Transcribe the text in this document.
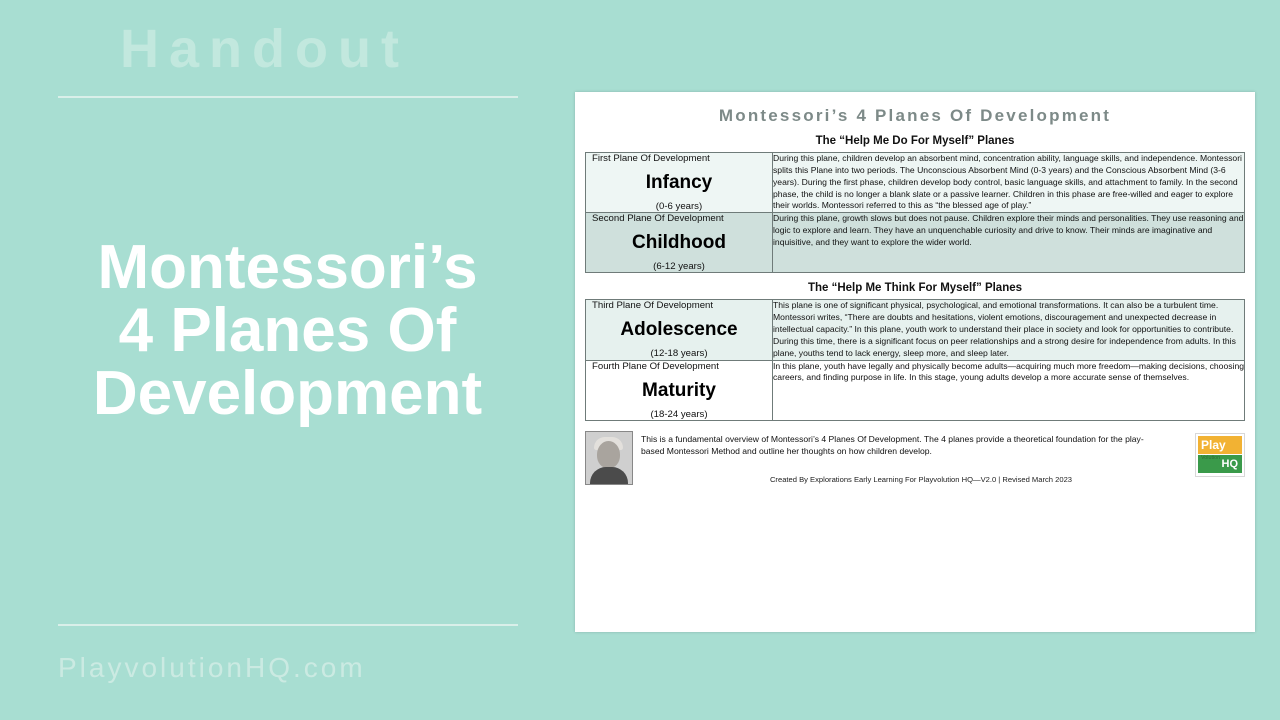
Handout
Montessori’s
4 Planes Of
Development
PlayvolutionHQ.com
Montessori’s 4 Planes Of Development
The “Help Me Do For Myself” Planes
First Plane Of Development
Infancy
(0-6 years)
	During this plane, children develop an absorbent mind, concentration ability, language skills, and independence. Montessori splits this Plane into two periods. The Unconscious Absorbent Mind (0-3 years) and the Conscious Absorbent Mind (3-6 years). During the first phase, children develop body control, basic language skills, and attachment to family. In the second phase, the child is no longer a blank slate or a passive learner. Children in this phase are free-willed and eager to explore their worlds. Montessori referred to this as “the blessed age of play.”

Second Plane Of Development
Childhood
(6-12 years)
	During this plane, growth slows but does not pause. Children explore their minds and personalities. They use reasoning and logic to explore and learn. They have an unquenchable curiosity and drive to know. Their minds are imaginative and inquisitive, and they want to explore the wider world.
The “Help Me Think For Myself” Planes
Third Plane Of Development
Adolescence
(12-18 years)
	This plane is one of significant physical, psychological, and emotional transformations. It can also be a turbulent time. Montessori writes, “There are doubts and hesitations, violent emotions, discouragement and unexpected decrease in intellectual capacity.” In this plane, youth work to understand their place in society and look for opportunities to contribute. During this time, there is a significant focus on peer relationships and a strong desire for independence from adults. In this plane, youths tend to lack energy, sleep more, and sleep later.

Fourth Plane Of Development
Maturity
(18-24 years)
	In this plane, youth have legally and physically become adults—acquiring much more freedom—making decisions, choosing careers, and finding purpose in life. In this stage, young adults develop a more accurate sense of themselves.
This is a fundamental overview of Montessori’s 4 Planes Of Development. The 4 planes provide a theoretical foundation for the play-based Montessori Method and outline her thoughts on how children develop.
Created By Explorations Early Learning For Playvolution HQ—V2.0 | Revised March 2023
Play
HQ
Volution
